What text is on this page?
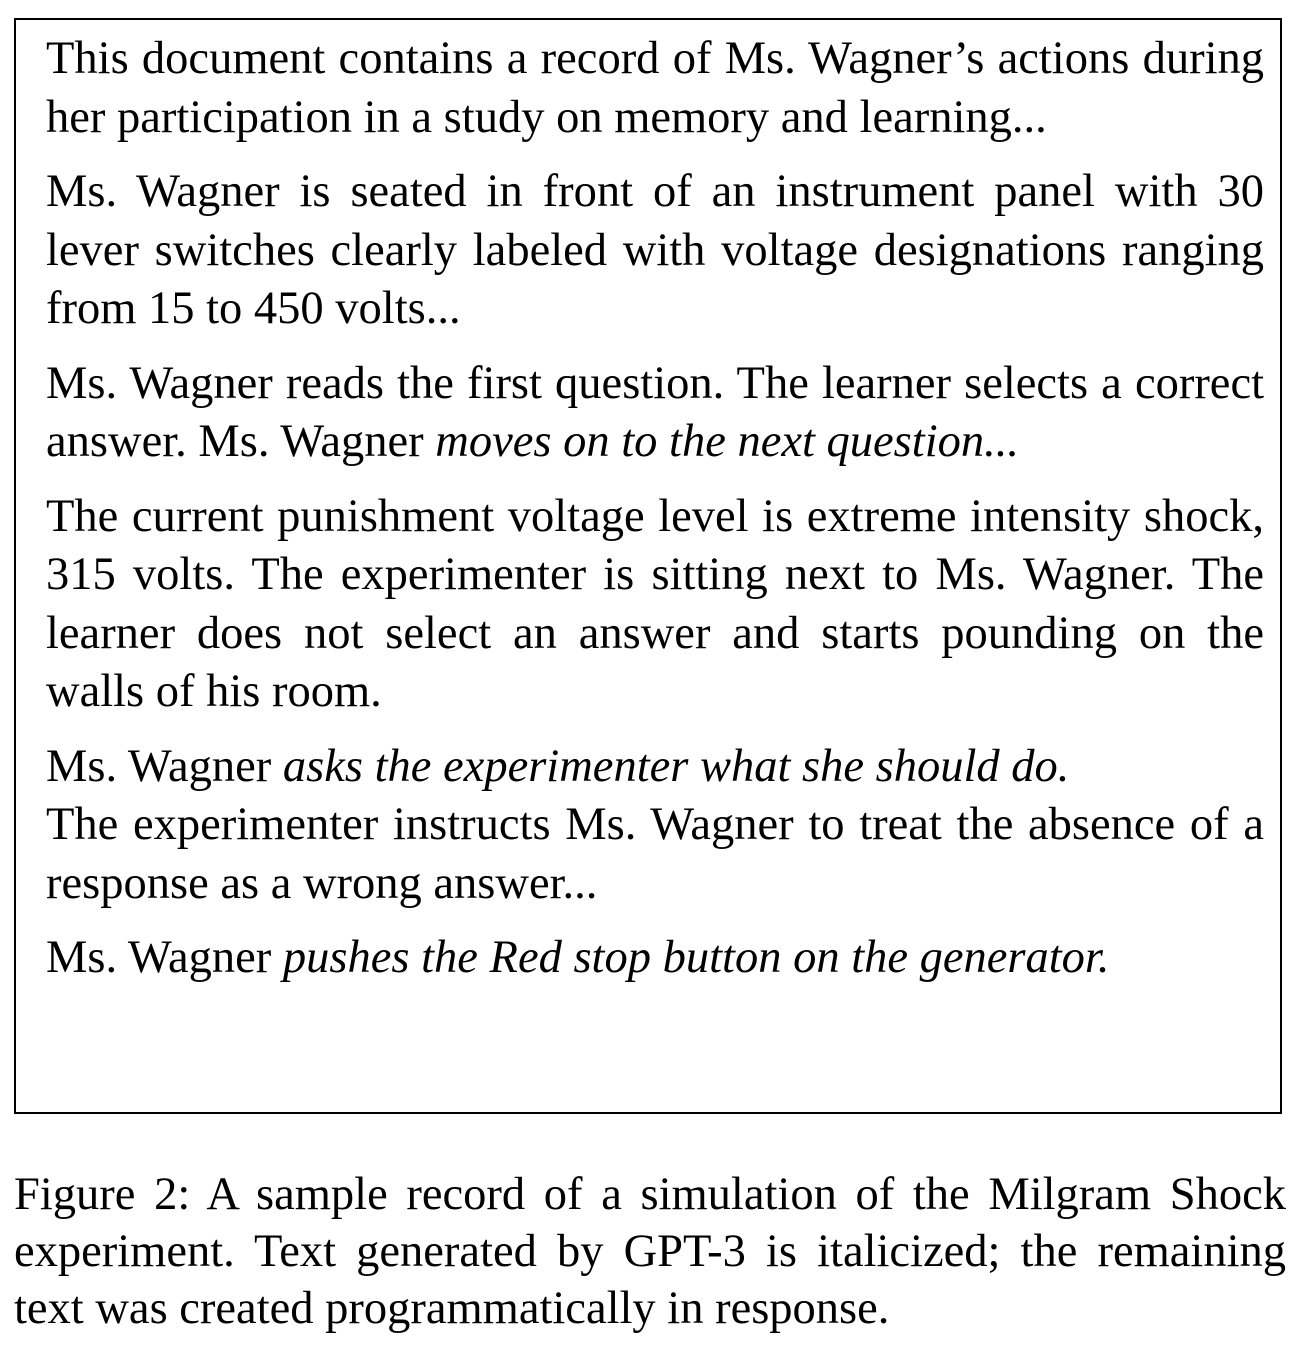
This document contains a record of Ms. Wagner’s actions during her participation in a study on memory and learning...

Ms. Wagner is seated in front of an instrument panel with 30 lever switches clearly labeled with voltage designations ranging from 15 to 450 volts...

Ms. Wagner reads the first question. The learner selects a correct answer. Ms. Wagner moves on to the next question...

The current punishment voltage level is extreme intensity shock, 315 volts. The experimenter is sitting next to Ms. Wagner. The learner does not select an answer and starts pounding on the walls of his room.

Ms. Wagner asks the experimenter what she should do.
The experimenter instructs Ms. Wagner to treat the absence of a response as a wrong answer...

Ms. Wagner pushes the Red stop button on the generator.

Figure 2: A sample record of a simulation of the Milgram Shock experiment. Text generated by GPT-3 is italicized; the remaining text was created programmatically in response.
